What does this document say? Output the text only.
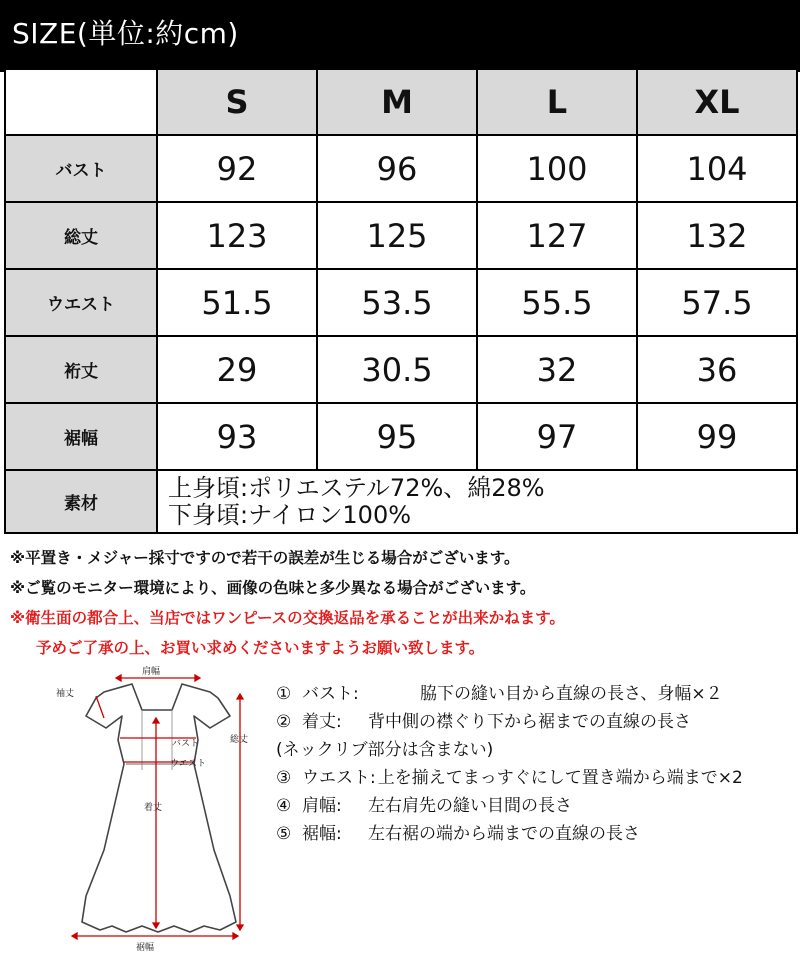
SIZE(単位:約cm)
	S	M	L	XL
バスト	92	96	100	104
総丈	123	125	127	132
ウエスト	51.5	53.5	55.5	57.5
裄丈	29	30.5	32	36
裾幅	93	95	97	99
素材	上身頃:ポリエステル72%、綿28%
下身頃:ナイロン100%			
※平置き・メジャー採寸ですので若干の誤差が生じる場合がございます。
※ご覧のモニター環境により、画像の色味と多少異なる場合がございます。
※衛生面の都合上、当店ではワンピースの交換返品を承ることが出来かねます。
予めご了承の上、お買い求めくださいますようお願い致します。
肩幅
袖丈
バスト	総丈
ウエスト
着丈
裾幅
① バスト:	脇下の縫い目から直線の長さ、身幅×２
② 着丈:	背中側の襟ぐり下から裾までの直線の長さ
(ネックリブ部分は含まない)
③ ウエスト: 上を揃えてまっすぐにして置き端から端まで×2
④ 肩幅:	左右肩先の縫い目間の長さ
⑤ 裾幅:	左右裾の端から端までの直線の長さ
